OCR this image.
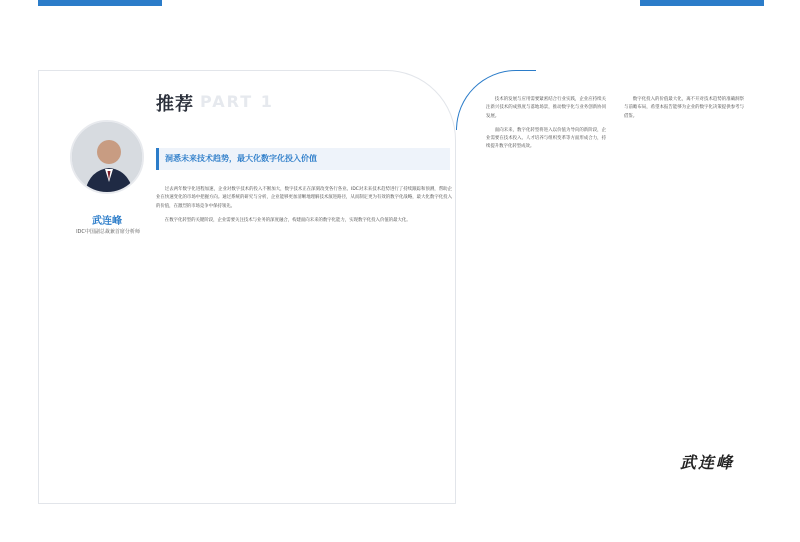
推荐 PART 1
武连峰
IDC中国副总裁兼首席分析师
洞悉未来技术趋势，最大化数字化投入价值

过去两年数字化进程加速，企业对数字技术的投入不断加大，数字技术正在深刻改变各行各业。IDC对未来技术趋势进行了持续跟踪和预测，帮助企业在快速变化的市场中把握方向。通过系统的研究与分析，企业能够更加清晰地理解技术演进路径，从而制定更为有效的数字化战略，最大化数字化投入的价值，在激烈的市场竞争中保持领先。

在数字化转型的关键阶段，企业需要关注技术与业务的深度融合，构建面向未来的数字化能力，实现数字化投入价值的最大化。

技术的发展与应用需要紧密结合行业实践，企业应持续关注新兴技术的成熟度与落地场景，推动数字化与业务创新协同发展。

面向未来，数字化转型将进入以价值为导向的新阶段，企业需要在技术投入、人才培养与组织变革等方面形成合力，持续提升数字化转型成效。

数字化投入的价值最大化，离不开对技术趋势的准确洞察与前瞻布局，希望本报告能够为企业的数字化决策提供参考与借鉴。

武连峰
